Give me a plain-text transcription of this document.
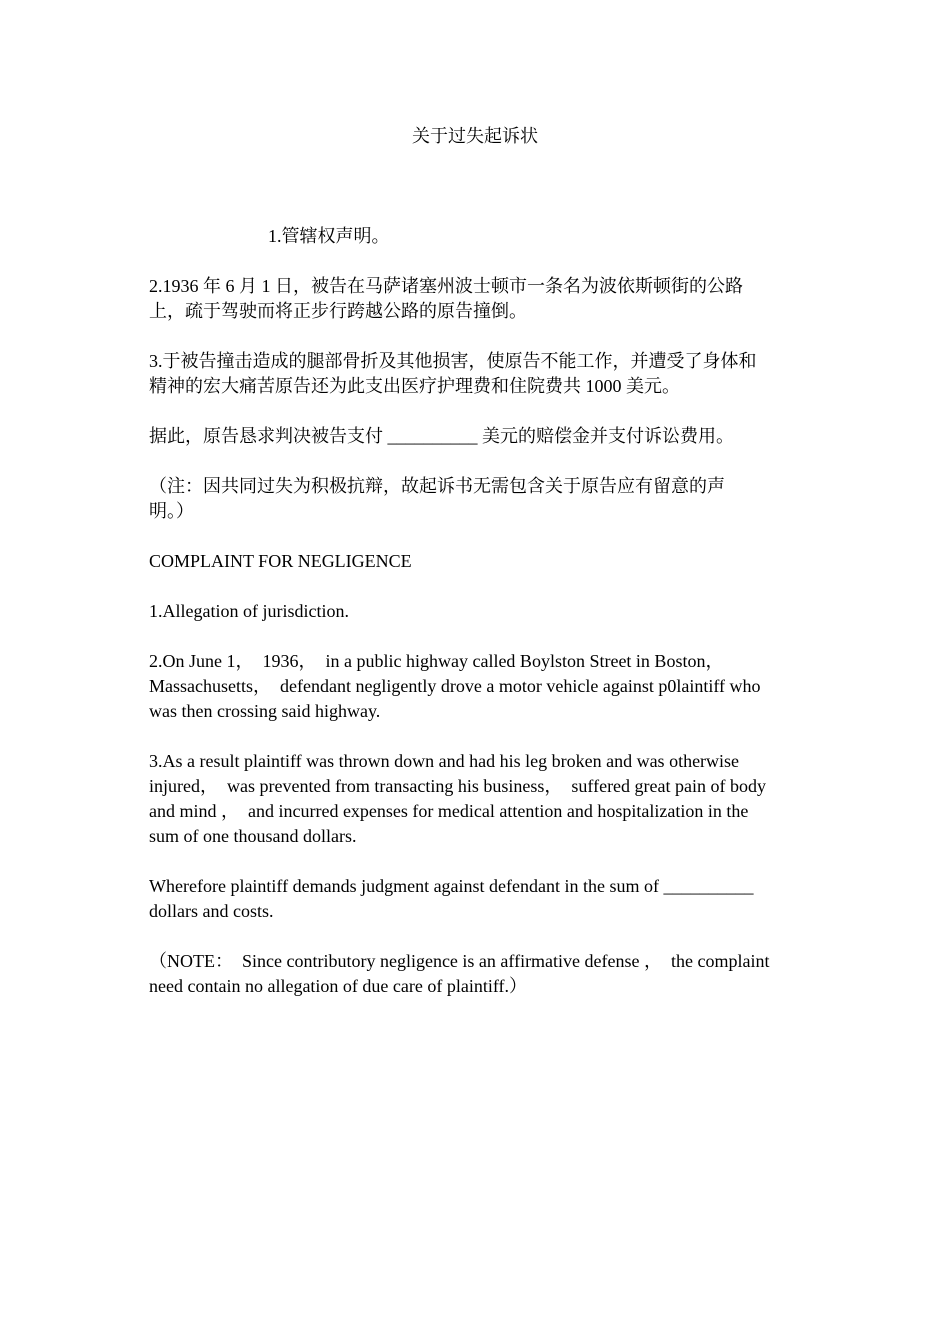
关于过失起诉状
1.管辖权声明。
2.1936 年 6 月 1 日，被告在马萨诸塞州波士顿市一条名为波依斯顿街的公路
上，疏于驾驶而将正步行跨越公路的原告撞倒。
3.于被告撞击造成的腿部骨折及其他损害，使原告不能工作，并遭受了身体和
精神的宏大痛苦原告还为此支出医疗护理费和住院费共 1000 美元。
据此，原告恳求判决被告支付 __________ 美元的赔偿金并支付诉讼费用。
（注：因共同过失为积极抗辩，故起诉书无需包含关于原告应有留意的声
明。）
COMPLAINT FOR NEGLIGENCE
1.Allegation of jurisdiction.
2.On June 1，  1936，  in a public highway called Boylston Street in Boston，
Massachusetts，  defendant negligently drove a motor vehicle against p0laintiff who
was then crossing said highway.
3.As a result plaintiff was thrown down and had his leg broken and was otherwise
injured，  was prevented from transacting his business，  suffered great pain of body
and mind ，  and incurred expenses for medical attention and hospitalization in the
sum of one thousand dollars.
Wherefore plaintiff demands judgment against defendant in the sum of __________
dollars and costs.
（NOTE：  Since contributory negligence is an affirmative defense ，  the complaint
need contain no allegation of due care of plaintiff.）
